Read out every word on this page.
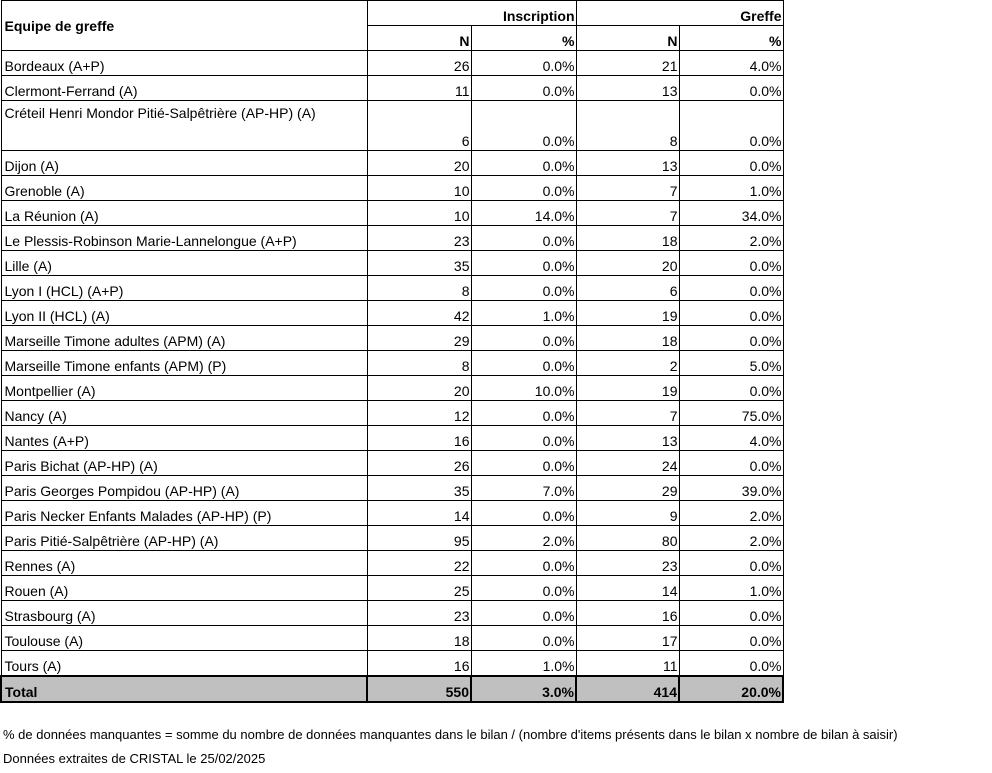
Equipe de greffe	Inscription		Greffe	
	N	%	N	%
Bordeaux (A+P)	26	0.0%	21	4.0%
Clermont-Ferrand (A)	11	0.0%	13	0.0%
Créteil Henri Mondor Pitié-Salpêtrière (AP-HP) (A)	6	0.0%	8	0.0%
Dijon (A)	20	0.0%	13	0.0%
Grenoble (A)	10	0.0%	7	1.0%
La Réunion (A)	10	14.0%	7	34.0%
Le Plessis-Robinson Marie-Lannelongue (A+P)	23	0.0%	18	2.0%
Lille (A)	35	0.0%	20	0.0%
Lyon I (HCL) (A+P)	8	0.0%	6	0.0%
Lyon II (HCL) (A)	42	1.0%	19	0.0%
Marseille Timone adultes (APM) (A)	29	0.0%	18	0.0%
Marseille Timone enfants (APM) (P)	8	0.0%	2	5.0%
Montpellier (A)	20	10.0%	19	0.0%
Nancy (A)	12	0.0%	7	75.0%
Nantes (A+P)	16	0.0%	13	4.0%
Paris Bichat (AP-HP) (A)	26	0.0%	24	0.0%
Paris Georges Pompidou (AP-HP) (A)	35	7.0%	29	39.0%
Paris Necker Enfants Malades (AP-HP) (P)	14	0.0%	9	2.0%
Paris Pitié-Salpêtrière (AP-HP) (A)	95	2.0%	80	2.0%
Rennes (A)	22	0.0%	23	0.0%
Rouen (A)	25	0.0%	14	1.0%
Strasbourg (A)	23	0.0%	16	0.0%
Toulouse (A)	18	0.0%	17	0.0%
Tours (A)	16	1.0%	11	0.0%
Total	550	3.0%	414	20.0%
% de données manquantes = somme du nombre de données manquantes dans le bilan / (nombre d'items présents dans le bilan x nombre de bilan à saisir)
Données extraites de CRISTAL le 25/02/2025
